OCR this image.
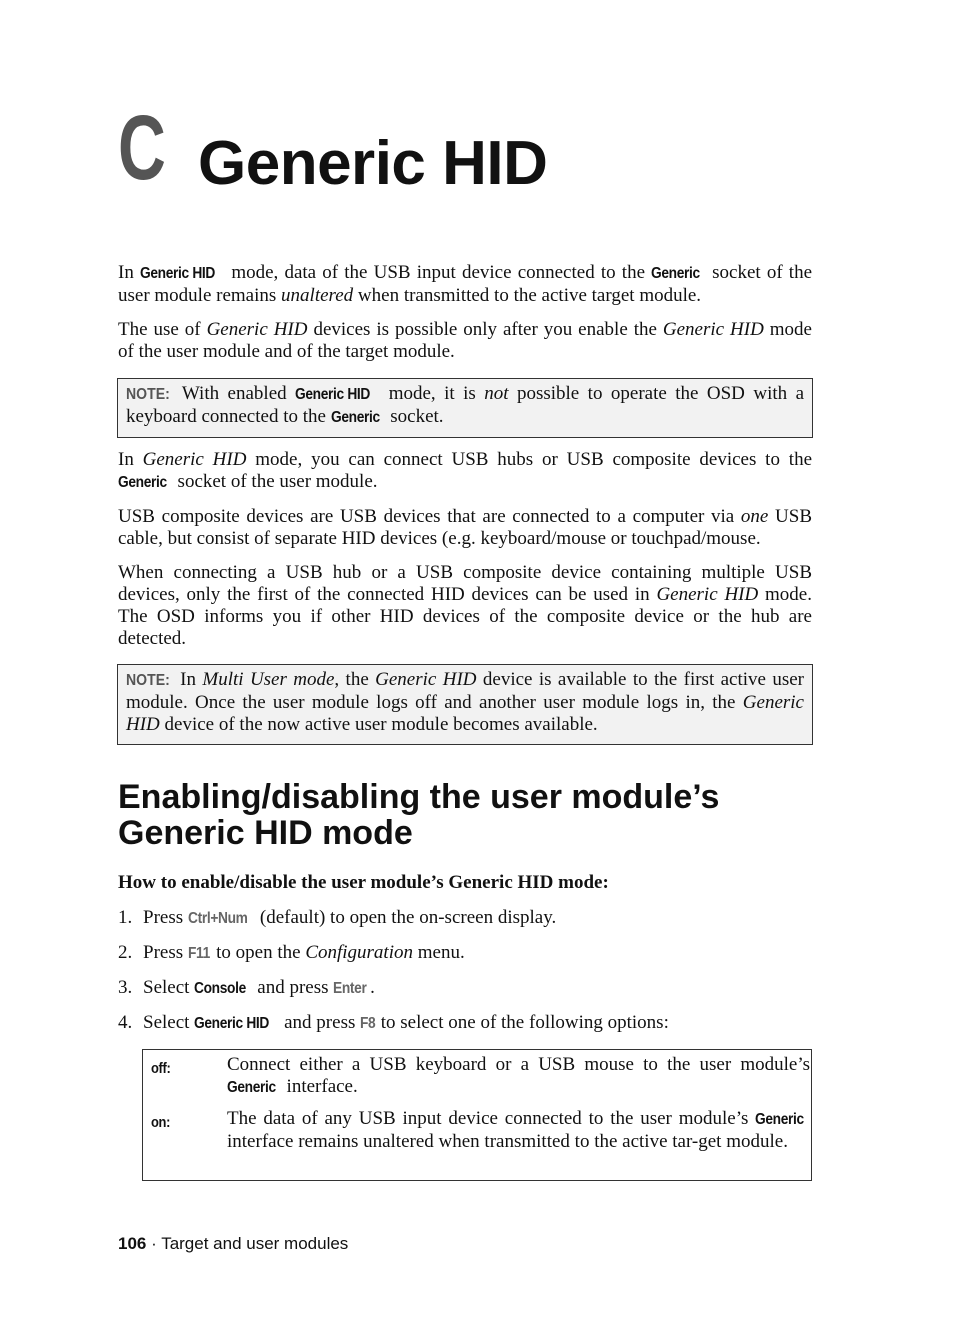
C Generic HID

In Generic HID mode, data of the USB input device connected to the Generic socket of the user module remains unaltered when transmitted to the active target module.

The use of Generic HID devices is possible only after you enable the Generic HID mode of the user module and of the target module.

NOTE: With enabled Generic HID mode, it is not possible to operate the OSD with a keyboard connected to the Generic socket.

In Generic HID mode, you can connect USB hubs or USB composite devices to the Generic socket of the user module.

USB composite devices are USB devices that are connected to a computer via one USB cable, but consist of separate HID devices (e.g. keyboard/mouse or touchpad/mouse.

When connecting a USB hub or a USB composite device containing multiple USB devices, only the first of the connected HID devices can be used in Generic HID mode. The OSD informs you if other HID devices of the composite device or the hub are detected.

NOTE: In Multi User mode, the Generic HID device is available to the first active user module. Once the user module logs off and another user module logs in, the Generic HID device of the now active user module becomes available.
Enabling/disabling the user module’s Generic HID mode
How to enable/disable the user module’s Generic HID mode:
1. Press Ctrl+Num (default) to open the on-screen display.
2. Press F11 to open the Configuration menu.
3. Select Console and press Enter .
4. Select Generic HID and press F8 to select one of the following options:
off:	Connect either a USB keyboard or a USB mouse to the user module’s Generic interface.
on:	The data of any USB input device connected to the user module’s Generic interface remains unaltered when transmitted to the active tar-get module.
106 · Target and user modules
